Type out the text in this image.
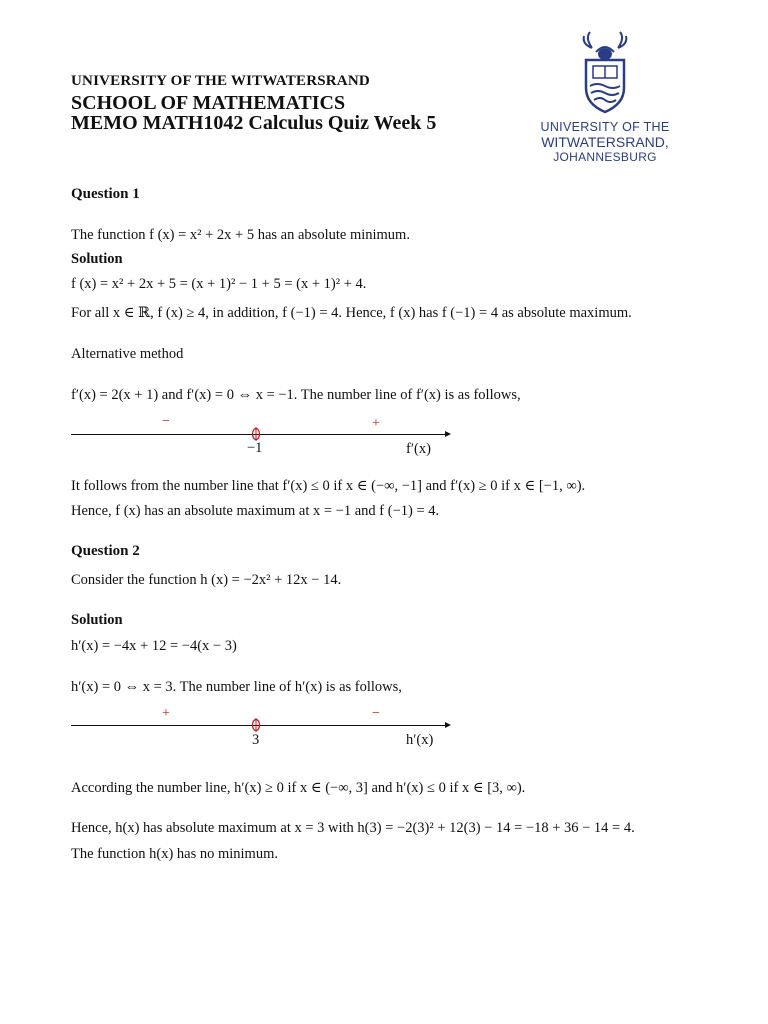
UNIVERSITY OF THE WITWATERSRAND
SCHOOL OF MATHEMATICS
MEMO MATH1042 Calculus Quiz Week 5	UNIVERSITY OF THE
WITWATERSRAND,
JOHANNESBURG
Question 1
The function f (x) = x² + 2x + 5 has an absolute minimum.
Solution
f (x) = x² + 2x + 5 = (x + 1)² − 1 + 5 = (x + 1)² + 4.
For all x ∈ ℝ, f (x) ≥ 4, in addition, f (−1) = 4. Hence, f (x) has f (−1) = 4 as absolute maximum.
Alternative method
f′(x) = 2(x + 1) and f′(x) = 0 ⇔ x = −1. The number line of f′(x) is as follows,
−	+
−1	f′(x)
It follows from the number line that f′(x) ≤ 0 if x ∈ (−∞, −1] and f′(x) ≥ 0 if x ∈ [−1, ∞).
Hence, f (x) has an absolute maximum at x = −1 and f (−1) = 4.
Question 2
Consider the function h (x) = −2x² + 12x − 14.
Solution
h′(x) = −4x + 12 = −4(x − 3)
h′(x) = 0 ⇔ x = 3. The number line of h′(x) is as follows,
+	−
3	h′(x)
According the number line, h′(x) ≥ 0 if x ∈ (−∞, 3] and h′(x) ≤ 0 if x ∈ [3, ∞).
Hence, h(x) has absolute maximum at x = 3 with h(3) = −2(3)² + 12(3) − 14 = −18 + 36 − 14 = 4.
The function h(x) has no minimum.
